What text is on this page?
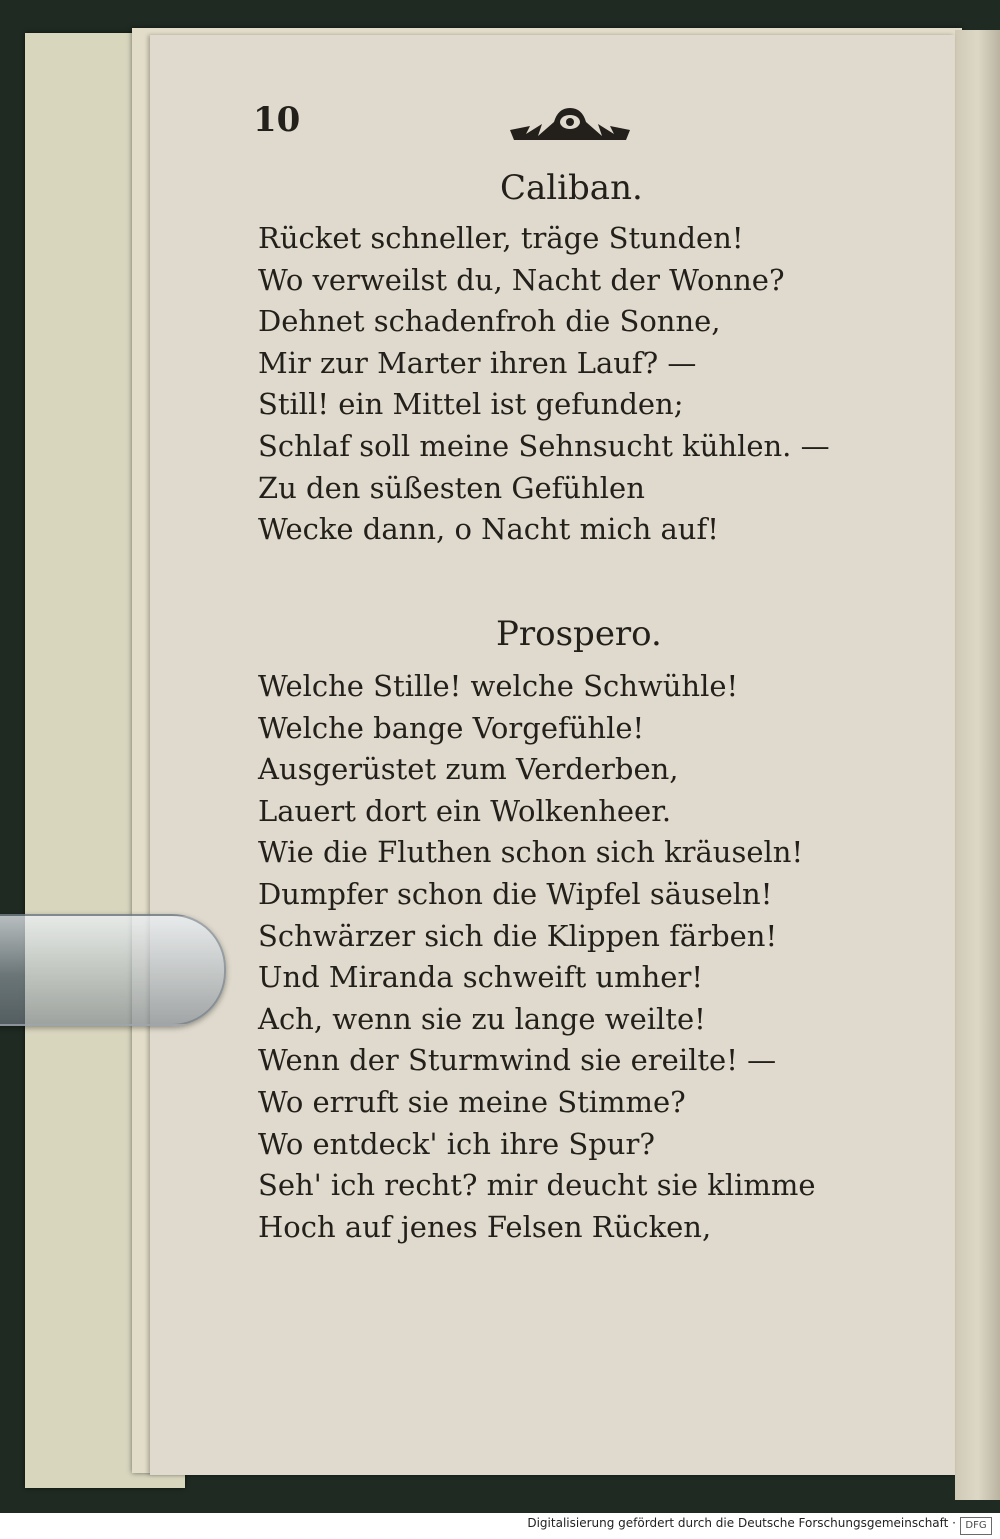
10
Caliban.
Rücket schneller, träge Stunden!
Wo verweilst du, Nacht der Wonne?
Dehnet schadenfroh die Sonne,
Mir zur Marter ihren Lauf? —
Still! ein Mittel ist gefunden;
Schlaf soll meine Sehnsucht kühlen. —
Zu den süßesten Gefühlen
Wecke dann, o Nacht mich auf!
Prospero.
Welche Stille! welche Schwühle!
Welche bange Vorgefühle!
Ausgerüstet zum Verderben,
Lauert dort ein Wolkenheer.
Wie die Fluthen schon sich kräuseln!
Dumpfer schon die Wipfel säuseln!
Schwärzer sich die Klippen färben!
Und Miranda schweift umher!
Ach, wenn sie zu lange weilte!
Wenn der Sturmwind sie ereilte! —
Wo erruft sie meine Stimme?
Wo entdeck' ich ihre Spur?
Seh' ich recht? mir deucht sie klimme
Hoch auf jenes Felsen Rücken,
Digitalisierung gefördert durch die Deutsche Forschungsgemeinschaft · DFG
